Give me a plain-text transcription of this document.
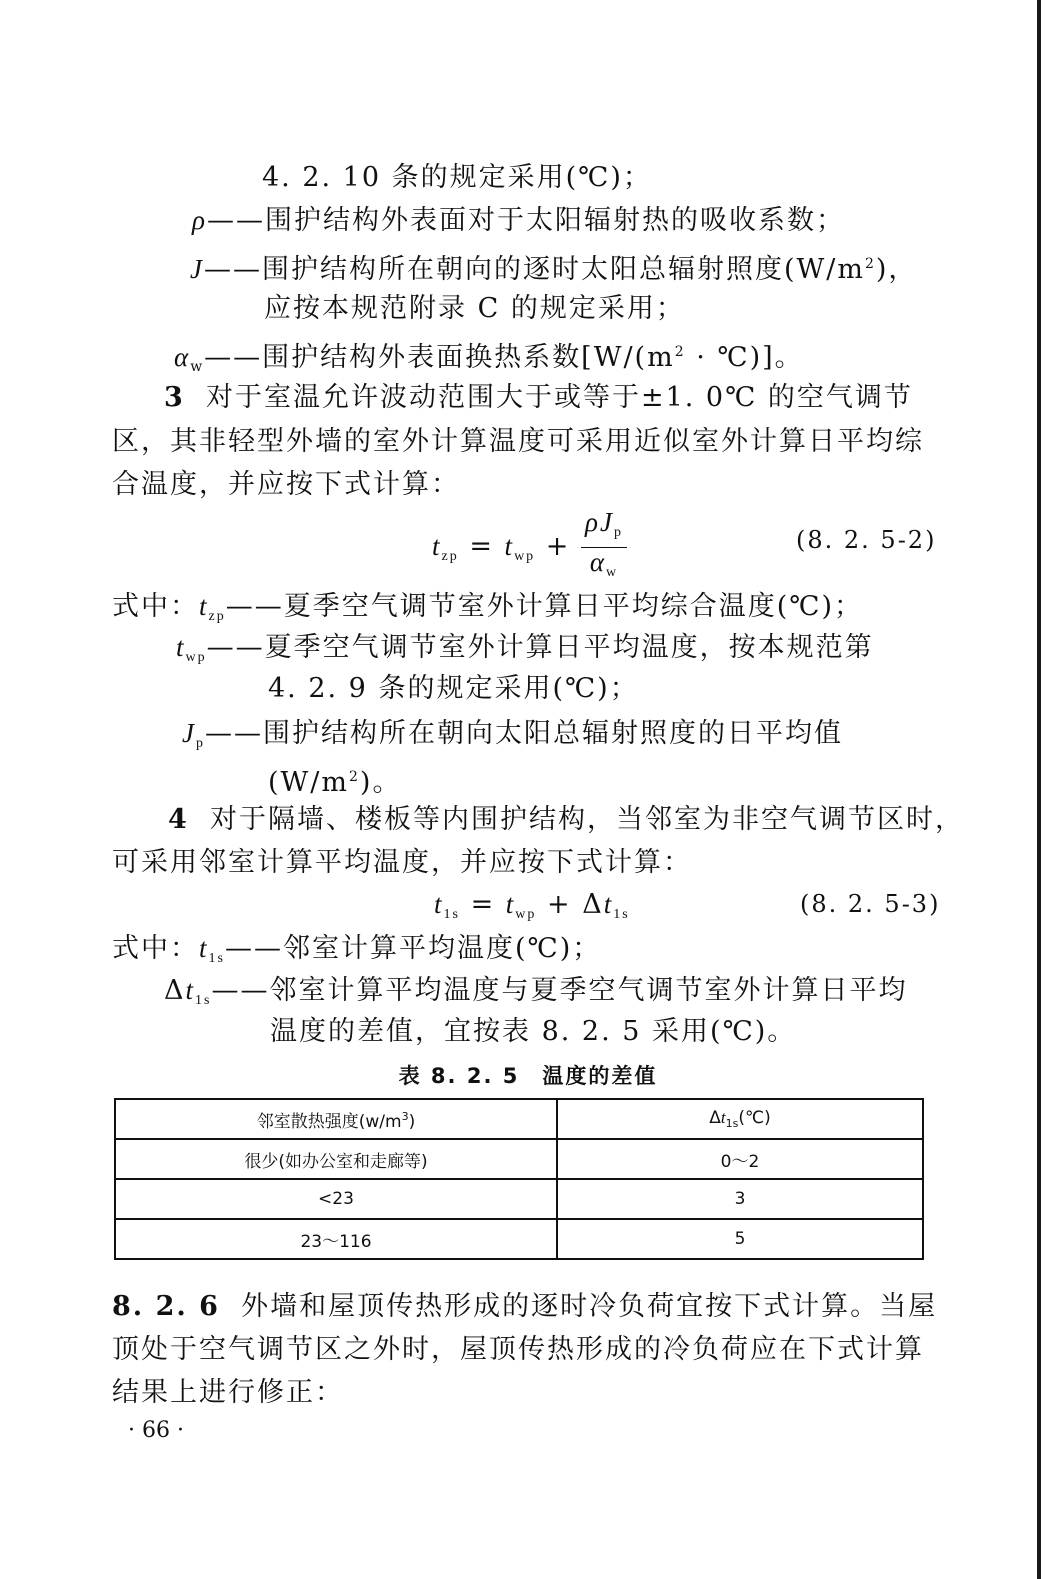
4. 2. 10 条的规定采用(℃)；
ρ——围护结构外表面对于太阳辐射热的吸收系数；
J——围护结构所在朝向的逐时太阳总辐射照度$(W/m^2)$，
应按本规范附录 C 的规定采用；
$\alpha_w——$围护结构外表面换热系数[$W/(m^2$ · ℃)]。
3 对于室温允许波动范围大于或等于±1. 0℃ 的空气调节
区，其非轻型外墙的室外计算温度可采用近似室外计算日平均综
合温度，并应按下式计算：
$t_{zp} = t_{wp} + \frac{\rho J_p}{\alpha_w}$	(8. 2. 5-2)
式中：$t_{zp}——$夏季空气调节室外计算日平均综合温度(℃)；
$t_{wp}——$夏季空气调节室外计算日平均温度，按本规范第
4. 2. 9 条的规定采用(℃)；
$J_p——$围护结构所在朝向太阳总辐射照度的日平均值
$(W/m^2)$。
4 对于隔墙、楼板等内围护结构，当邻室为非空气调节区时，
可采用邻室计算平均温度，并应按下式计算：
$t_{1s} = t_{wp} + \Delta t_{1s}$	(8. 2. 5-3)
式中：$t_{1s}——$邻室计算平均温度(℃)；
$\Delta t_{1s}——$邻室计算平均温度与夏季空气调节室外计算日平均
温度的差值，宜按表 8. 2. 5 采用(℃)。
表 8. 2. 5　温度的差值
邻室散热强度$(w/m^3)$	$\Delta t_{1s}(℃)$
很少(如办公室和走廊等)	0～2
<23	3
23～116	5
8. 2. 6 外墙和屋顶传热形成的逐时冷负荷宜按下式计算。当屋
顶处于空气调节区之外时，屋顶传热形成的冷负荷应在下式计算
结果上进行修正：
· 66 ·
